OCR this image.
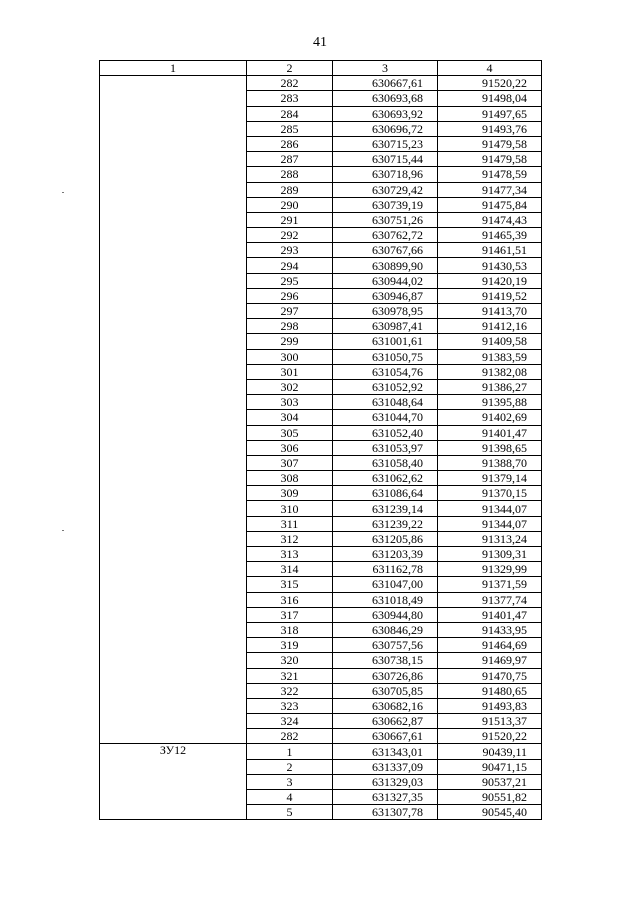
41
1	2	3	4
	282	630667,61	91520,22
	283	630693,68	91498,04
	284	630693,92	91497,65
	285	630696,72	91493,76
	286	630715,23	91479,58
	287	630715,44	91479,58
	288	630718,96	91478,59
	289	630729,42	91477,34
	290	630739,19	91475,84
	291	630751,26	91474,43
	292	630762,72	91465,39
	293	630767,66	91461,51
	294	630899,90	91430,53
	295	630944,02	91420,19
	296	630946,87	91419,52
	297	630978,95	91413,70
	298	630987,41	91412,16
	299	631001,61	91409,58
	300	631050,75	91383,59
	301	631054,76	91382,08
	302	631052,92	91386,27
	303	631048,64	91395,88
	304	631044,70	91402,69
	305	631052,40	91401,47
	306	631053,97	91398,65
	307	631058,40	91388,70
	308	631062,62	91379,14
	309	631086,64	91370,15
	310	631239,14	91344,07
	311	631239,22	91344,07
	312	631205,86	91313,24
	313	631203,39	91309,31
	314	631162,78	91329,99
	315	631047,00	91371,59
	316	631018,49	91377,74
	317	630944,80	91401,47
	318	630846,29	91433,95
	319	630757,56	91464,69
	320	630738,15	91469,97
	321	630726,86	91470,75
	322	630705,85	91480,65
	323	630682,16	91493,83
	324	630662,87	91513,37
	282	630667,61	91520,22
ЗУ12	1	631343,01	90439,11
	2	631337,09	90471,15
	3	631329,03	90537,21
	4	631327,35	90551,82
	5	631307,78	90545,40
